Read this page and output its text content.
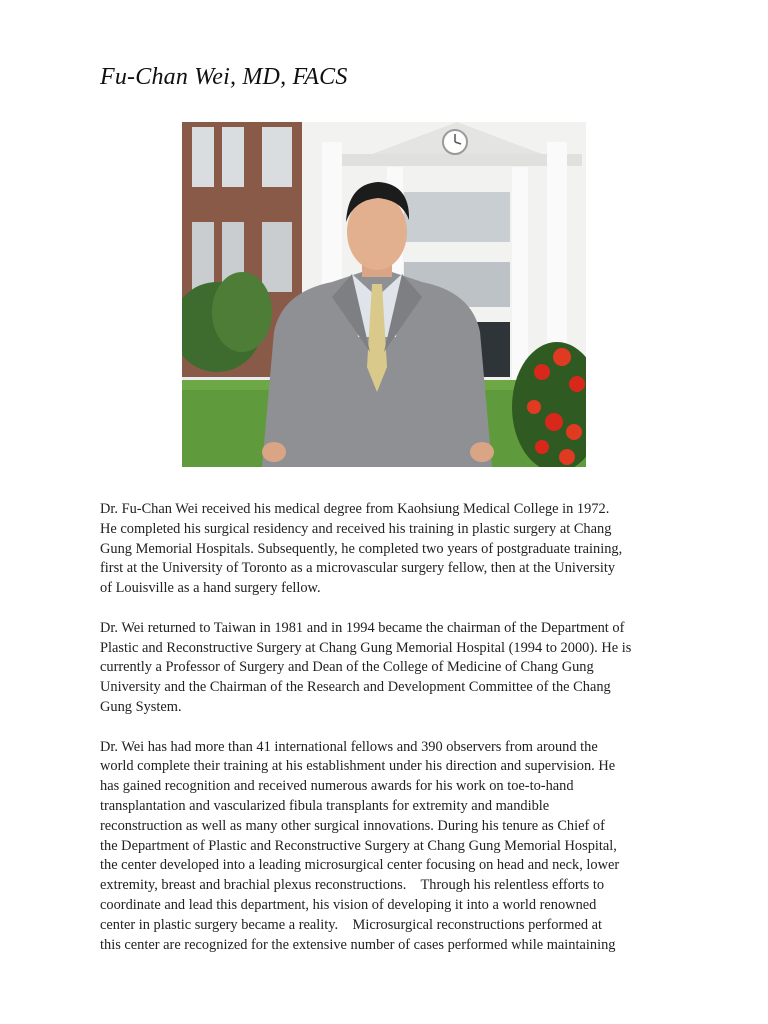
Fu-Chan Wei, MD, FACS

Dr. Fu-Chan Wei received his medical degree from Kaohsiung Medical College in 1972.
He completed his surgical residency and received his training in plastic surgery at Chang
Gung Memorial Hospitals. Subsequently, he completed two years of postgraduate training,
first at the University of Toronto as a microvascular surgery fellow, then at the University
of Louisville as a hand surgery fellow.

Dr. Wei returned to Taiwan in 1981 and in 1994 became the chairman of the Department of
Plastic and Reconstructive Surgery at Chang Gung Memorial Hospital (1994 to 2000). He is
currently a Professor of Surgery and Dean of the College of Medicine of Chang Gung
University and the Chairman of the Research and Development Committee of the Chang
Gung System.

Dr. Wei has had more than 41 international fellows and 390 observers from around the
world complete their training at his establishment under his direction and supervision. He
has gained recognition and received numerous awards for his work on toe-to-hand
transplantation and vascularized fibula transplants for extremity and mandible
reconstruction as well as many other surgical innovations. During his tenure as Chief of
the Department of Plastic and Reconstructive Surgery at Chang Gung Memorial Hospital,
the center developed into a leading microsurgical center focusing on head and neck, lower
extremity, breast and brachial plexus reconstructions.    Through his relentless efforts to
coordinate and lead this department, his vision of developing it into a world renowned
center in plastic surgery became a reality.    Microsurgical reconstructions performed at
this center are recognized for the extensive number of cases performed while maintaining
